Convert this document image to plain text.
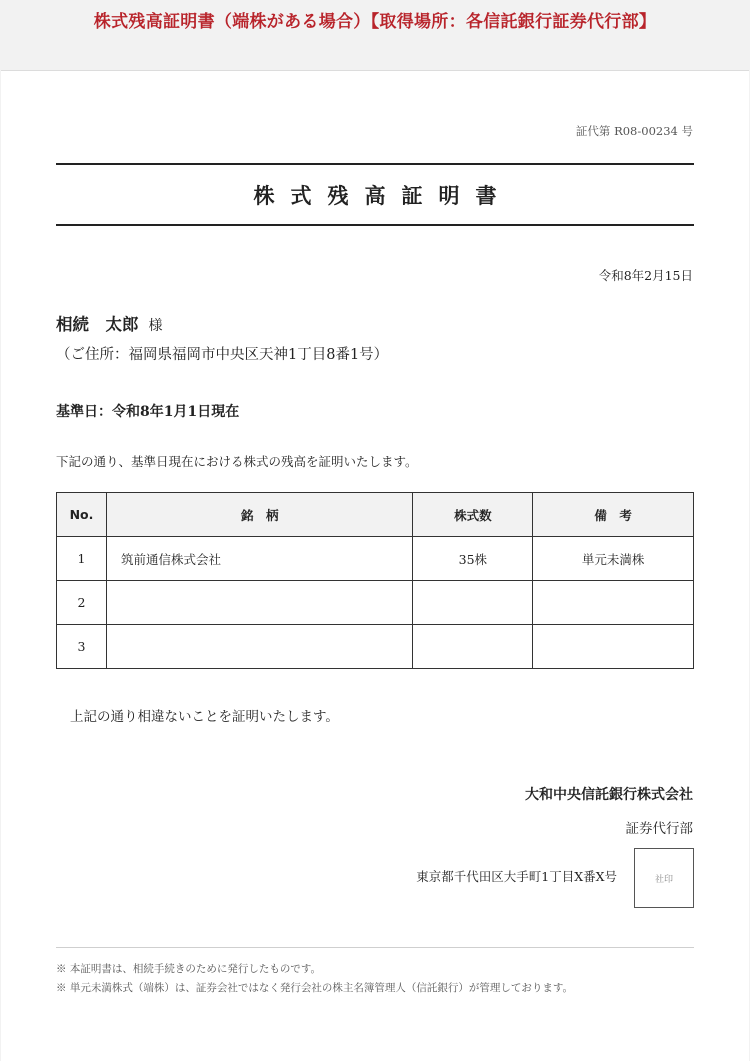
株式残高証明書（端株がある場合）【取得場所：各信託銀行証券代行部】
証代第 R08-00234 号
株式残高証明書
令和8年2月15日
相続　太郎 様
（ご住所：福岡県福岡市中央区天神1丁目8番1号）
基準日：令和8年1月1日現在
下記の通り、基準日現在における株式の残高を証明いたします。
No.	銘　柄	株式数	備　考
1	筑前通信株式会社	35株	単元未満株
2			
3			
上記の通り相違ないことを証明いたします。
大和中央信託銀行株式会社
証券代行部
東京都千代田区大手町1丁目X番X号	社印
※ 本証明書は、相続手続きのために発行したものです。
※ 単元未満株式（端株）は、証券会社ではなく発行会社の株主名簿管理人（信託銀行）が管理しております。
